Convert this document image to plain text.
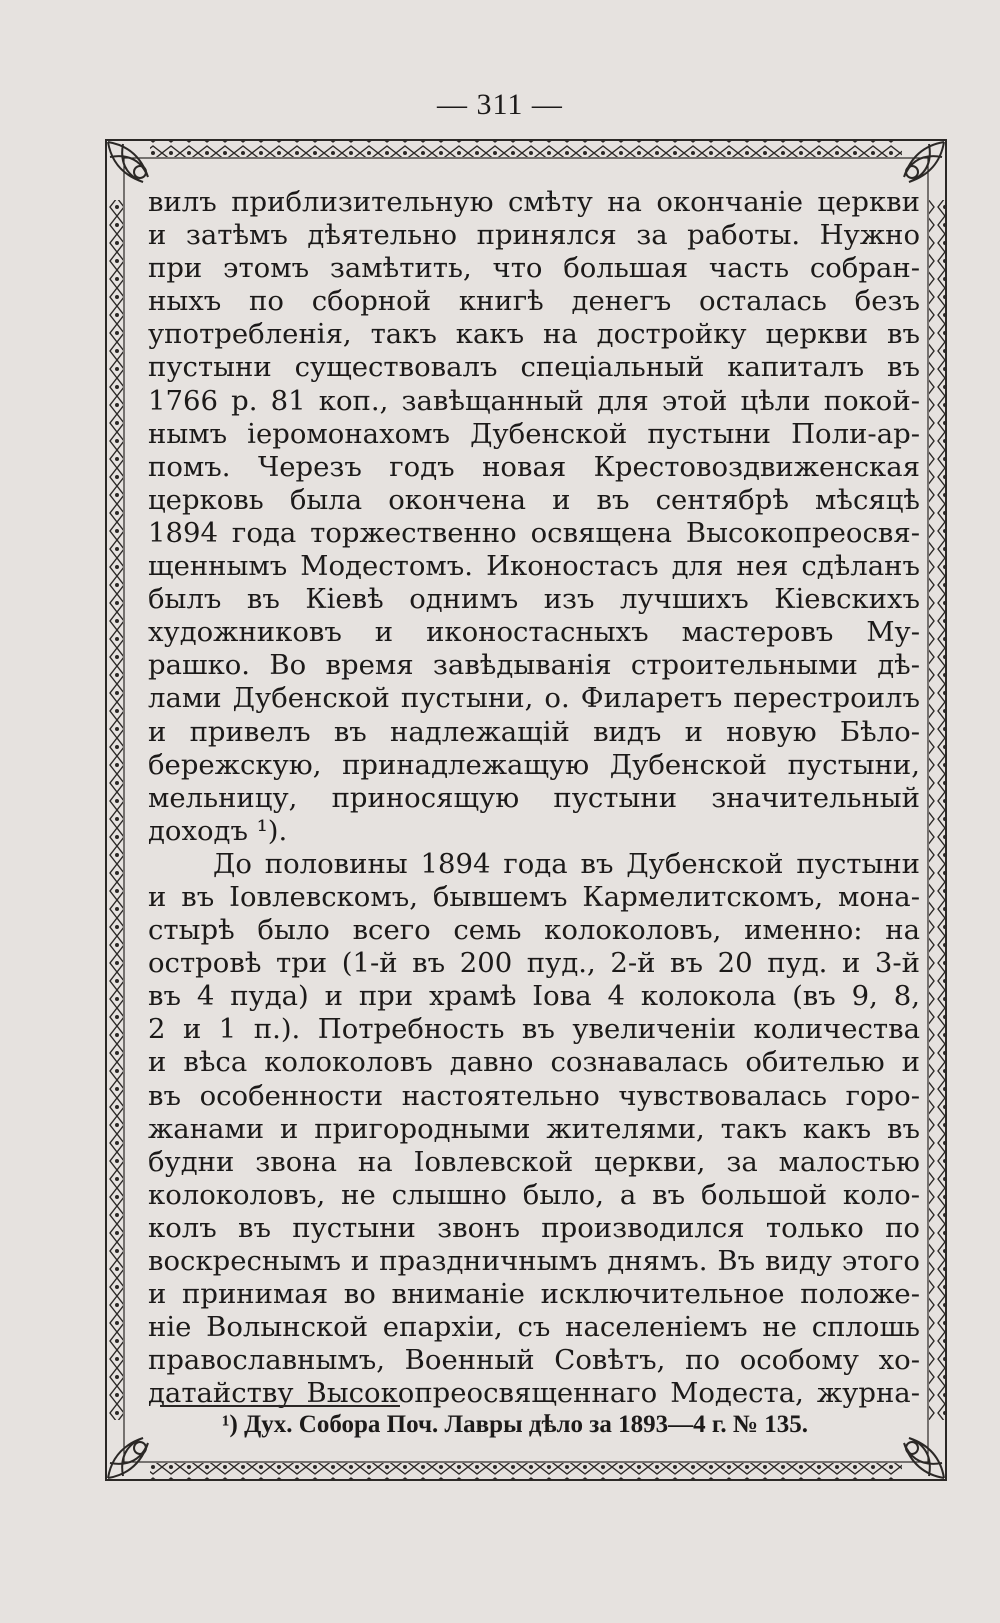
— 311 —
вилъ приблизительную смѣту на окончаніе церкви
и затѣмъ дѣятельно принялся за работы. Нужно
при этомъ замѣтить, что большая часть собран-
ныхъ по сборной книгѣ денегъ осталась безъ
употребленія, такъ какъ на достройку церкви въ
пустыни существовалъ спеціальный капиталъ въ
1766 р. 81 коп., завѣщанный для этой цѣли покой-
нымъ іеромонахомъ Дубенской пустыни Поли-ар-
помъ. Черезъ годъ новая Крестовоздвиженская
церковь была окончена и въ сентябрѣ мѣсяцѣ
1894 года торжественно освящена Высокопреосвя-
щеннымъ Модестомъ. Иконостасъ для нея сдѣланъ
былъ въ Кіевѣ однимъ изъ лучшихъ Кіевскихъ
художниковъ и иконостасныхъ мастеровъ Му-
рашко. Во время завѣдыванія строительными дѣ-
лами Дубенской пустыни, о. Филаретъ перестроилъ
и привелъ въ надлежащій видъ и новую Бѣло-
бережскую, принадлежащую Дубенской пустыни,
мельницу, приносящую пустыни значительный
доходъ ¹).
До половины 1894 года въ Дубенской пустыни
и въ Іовлевскомъ, бывшемъ Кармелитскомъ, мона-
стырѣ было всего семь колоколовъ, именно: на
островѣ три (1-й въ 200 пуд., 2-й въ 20 пуд. и 3-й
въ 4 пуда) и при храмѣ Іова 4 колокола (въ 9, 8,
2 и 1 п.). Потребность въ увеличеніи количества
и вѣса колоколовъ давно сознавалась обителью и
въ особенности настоятельно чувствовалась горо-
жанами и пригородными жителями, такъ какъ въ
будни звона на Іовлевской церкви, за малостью
колоколовъ, не слышно было, а въ большой коло-
колъ въ пустыни звонъ производился только по
воскреснымъ и праздничнымъ днямъ. Въ виду этого
и принимая во вниманіе исключительное положе-
ніе Волынской епархіи, съ населеніемъ не сплошь
православнымъ, Военный Совѣтъ, по особому хо-
датайству Высокопреосвященнаго Модеста, журна-
¹) Дух. Собора Поч. Лавры дѣло за 1893—4 г. № 135.
